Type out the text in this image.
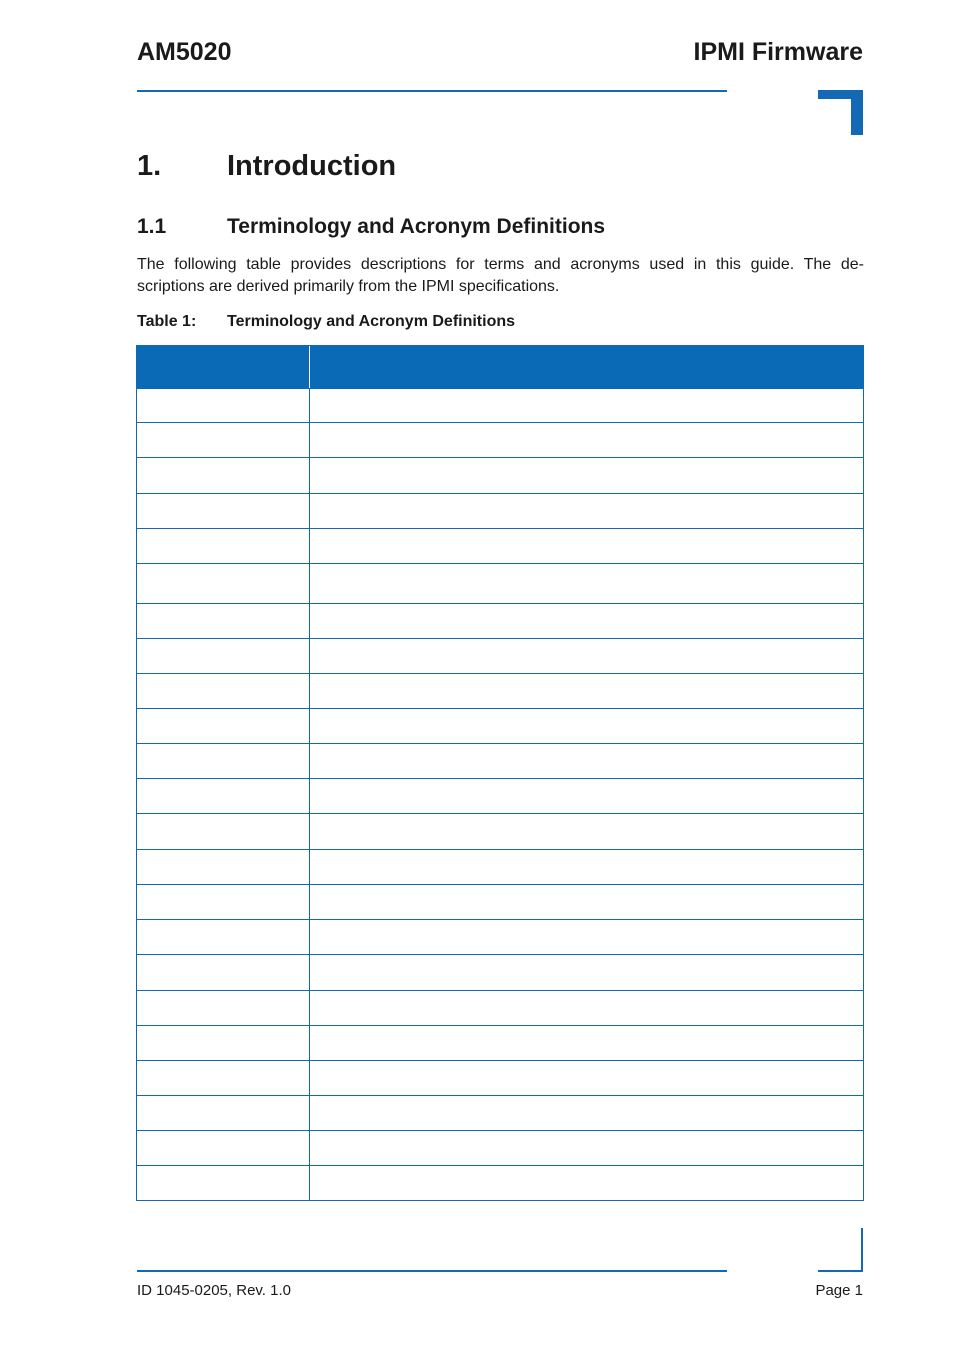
AM5020	IPMI Firmware
1. Introduction
1.1	Terminology and Acronym Definitions
The following table provides descriptions for terms and acronyms used in this guide. The de-
scriptions are derived primarily from the IPMI specifications.
Table 1: Terminology and Acronym Definitions
ID 1045-0205, Rev. 1.0	Page 1
